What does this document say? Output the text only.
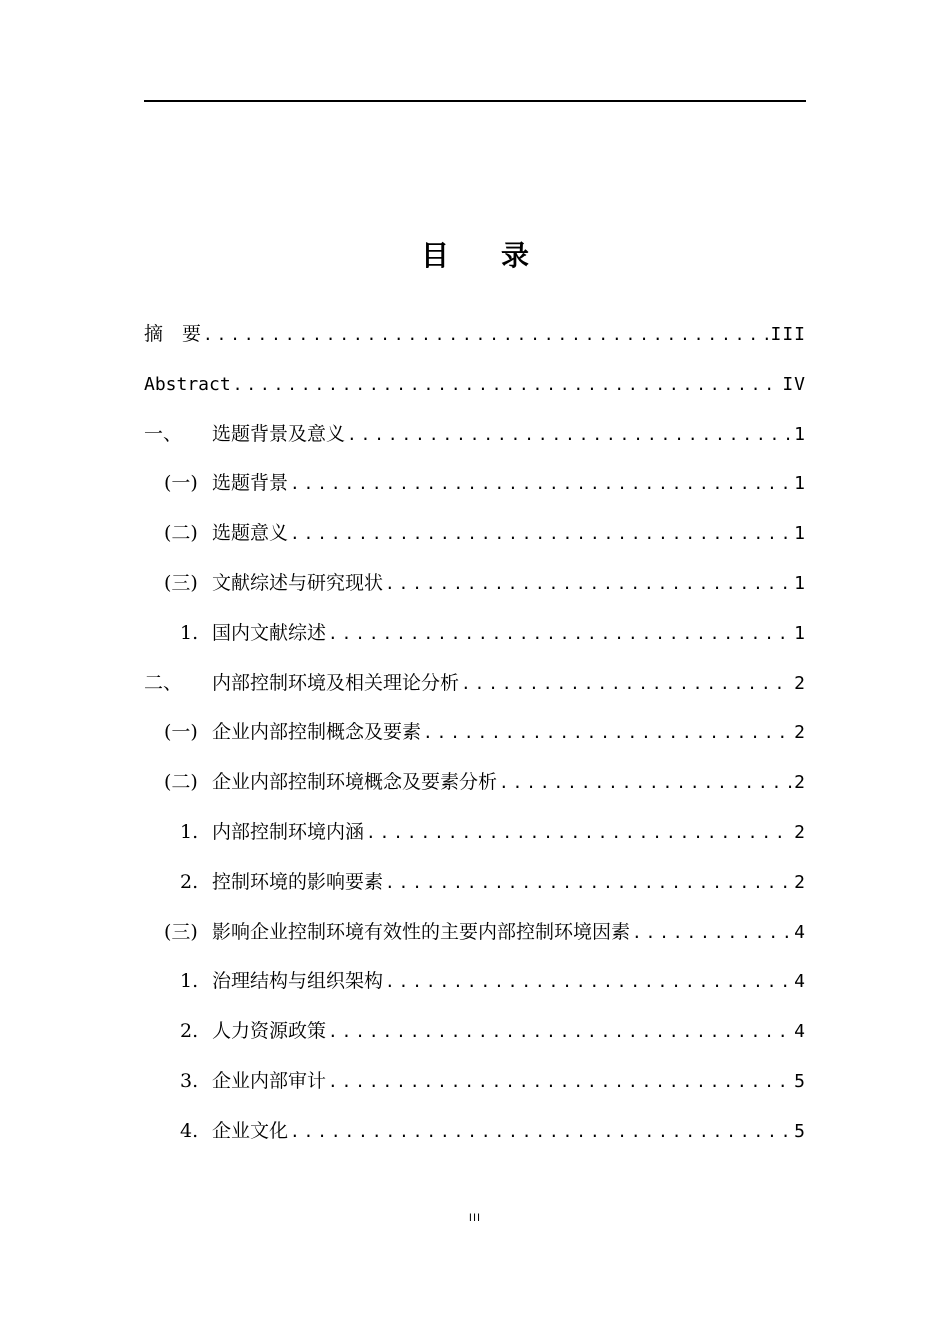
目 录
摘　要 .....	III
Abstract .....	IV
一、	选题背景及意义 .....	1
(一) 选题背景 .....	1
(二) 选题意义 .....	1
(三) 文献综述与研究现状 .....	1
1. 国内文献综述 .....	1
二、	内部控制环境及相关理论分析 .....	2
(一) 企业内部控制概念及要素 .....	2
(二) 企业内部控制环境概念及要素分析 .....	2
1. 内部控制环境内涵 .....	2
2. 控制环境的影响要素 .....	2
(三) 影响企业控制环境有效性的主要内部控制环境因素 .....	4
1. 治理结构与组织架构 .....	4
2. 人力资源政策 .....	4
3. 企业内部审计 .....	5
4. 企业文化 .....	5
III
